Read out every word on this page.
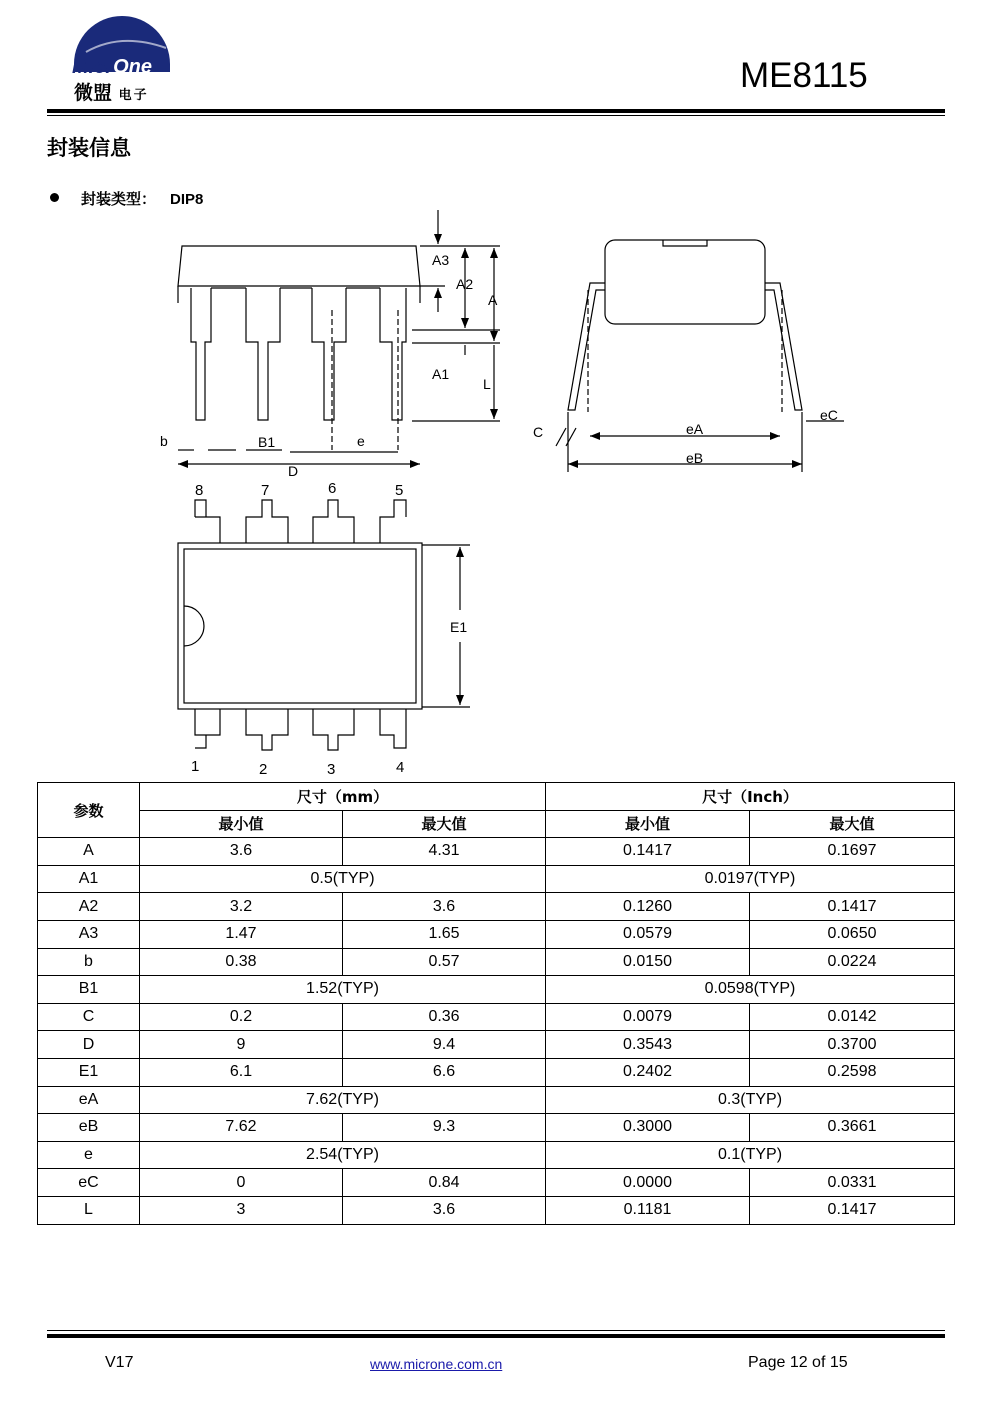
MicrOne
微盟 电子
ME8115
封装信息
封装类型： DIP8
A3
A2
A
A1
L
b	B1	e
D
C	eA
eB
eC
8	7	6	5
1	2	3	4
E1
参数	尺寸（mm）		尺寸（Inch）	
	最小值	最大值	最小值	最大值
A	3.6	4.31	0.1417	0.1697
A1	0.5(TYP)		0.0197(TYP)	
A2	3.2	3.6	0.1260	0.1417
A3	1.47	1.65	0.0579	0.0650
b	0.38	0.57	0.0150	0.0224
B1	1.52(TYP)		0.0598(TYP)	
C	0.2	0.36	0.0079	0.0142
D	9	9.4	0.3543	0.3700
E1	6.1	6.6	0.2402	0.2598
eA	7.62(TYP)		0.3(TYP)	
eB	7.62	9.3	0.3000	0.3661
e	2.54(TYP)		0.1(TYP)	
eC	0	0.84	0.0000	0.0331
L	3	3.6	0.1181	0.1417
V17	www.microne.com.cn	Page 12 of 15
